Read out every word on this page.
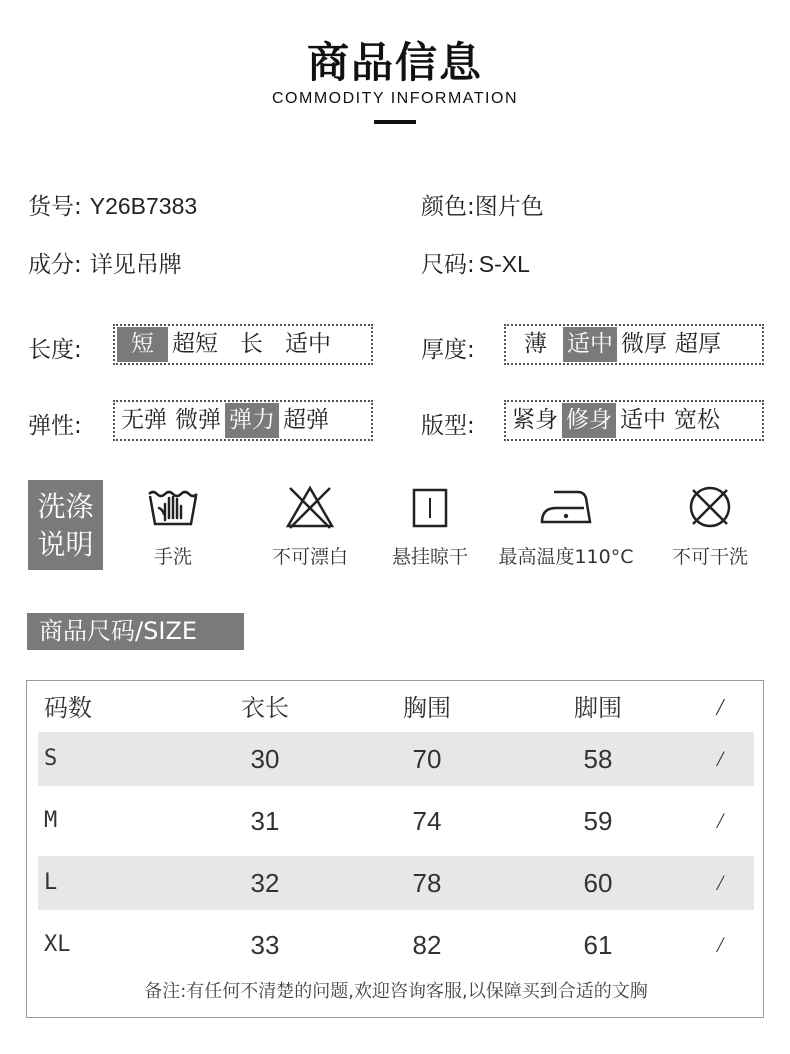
商品信息
COMMODITY INFORMATION
货号: Y26B7383	颜色:图片色
成分: 详见吊牌	尺码: S-XL
长度:	短 超短 长 适中	厚度:	薄 适中 微厚 超厚
弹性: 无弹 微弹 弹力 超弹	版型: 紧身 修身 适中 宽松
洗涤
说明	手洗	不可漂白	悬挂晾干	最高温度110°C	不可干洗
商品尺码/SIZE
码数	衣长	胸围	脚围	/
S	30	70	58	/
M	31	74	59	/
L	32	78	60	/
XL	33	82	61	/
备注:有任何不清楚的问题,欢迎咨询客服,以保障买到合适的文胸
